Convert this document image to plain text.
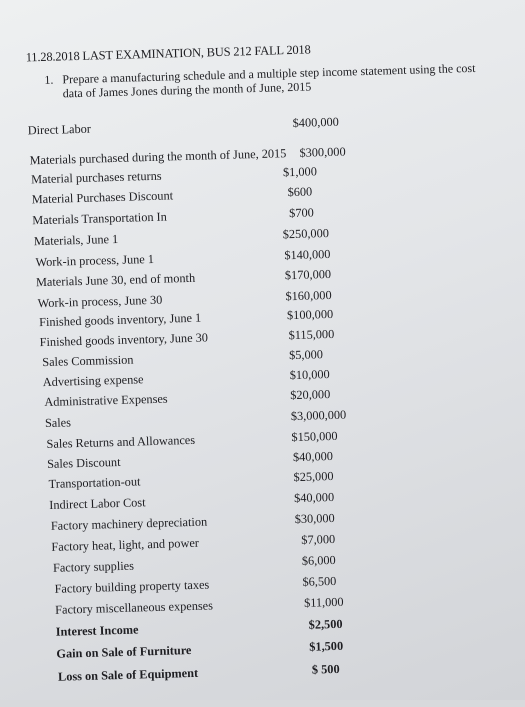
11.28.2018 LAST EXAMINATION, BUS 212 FALL 2018
1. Prepare a manufacturing schedule and a multiple step income statement using the cost data of James Jones during the month of June, 2015
Direct Labor	$400,000
Materials purchased during the month of June, 2015 $300,000
Material purchases returns	$1,000
Material Purchases Discount	$600
Materials Transportation In	$700
Materials, June 1	$250,000
Work-in process, June 1	$140,000
Materials June 30, end of month	$170,000
Work-in process, June 30	$160,000
Finished goods inventory, June 1	$100,000
Finished goods inventory, June 30	$115,000
Sales Commission	$5,000
Advertising expense	$10,000
Administrative Expenses	$20,000
Sales	$3,000,000
Sales Returns and Allowances	$150,000
Sales Discount	$40,000
Transportation-out	$25,000
Indirect Labor Cost	$40,000
Factory machinery depreciation	$30,000
Factory heat, light, and power	$7,000
Factory supplies	$6,000
Factory building property taxes	$6,500
Factory miscellaneous expenses	$11,000
Interest Income	$2,500
Gain on Sale of Furniture	$1,500
Loss on Sale of Equipment	$ 500
